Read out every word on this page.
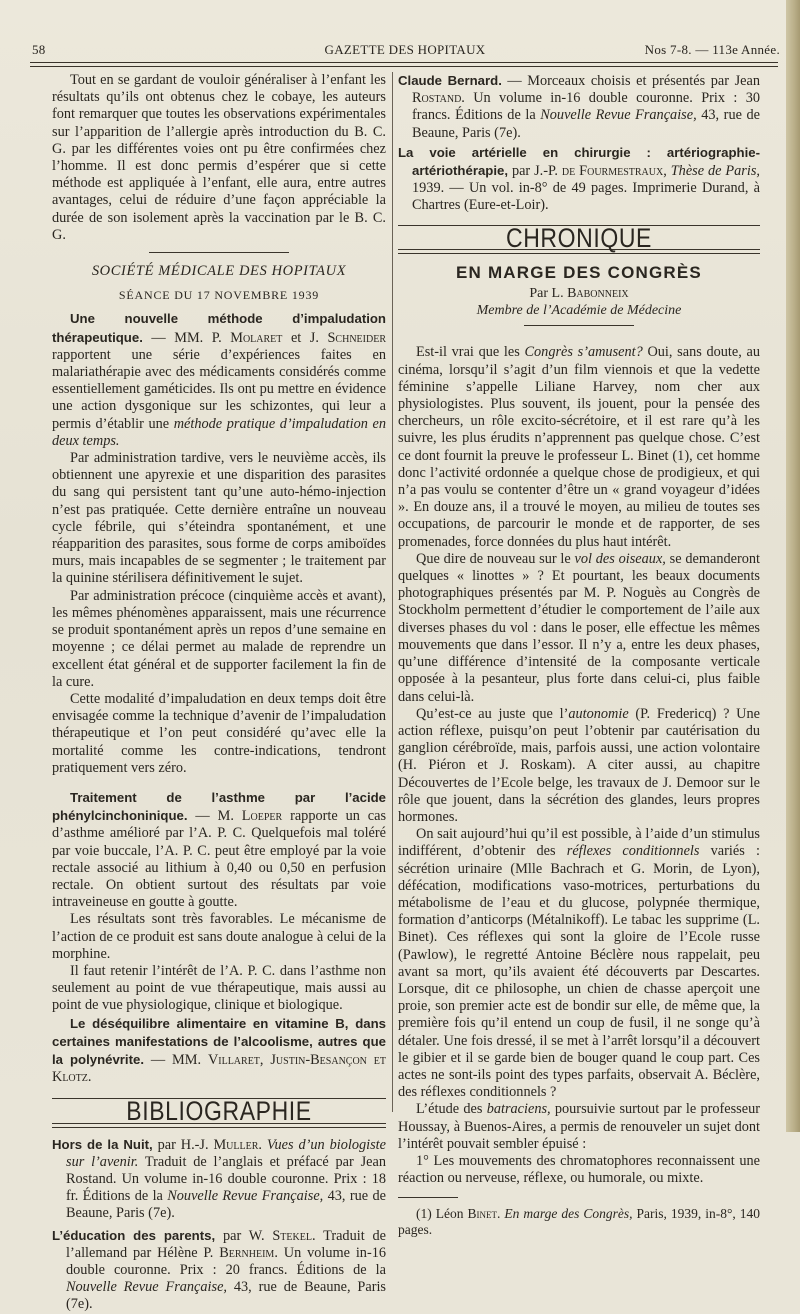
58	GAZETTE DES HOPITAUX	Nos 7-8. — 113e Année.

Tout en se gardant de vouloir généraliser à l’enfant les résultats qu’ils ont obtenus chez le cobaye, les auteurs font remarquer que toutes les observations expérimentales sur l’apparition de l’allergie après introduction du B. C. G. par les différentes voies ont pu être confirmées chez l’homme. Il est donc permis d’espérer que si cette méthode est appliquée à l’enfant, elle aura, entre autres avantages, celui de réduire d’une façon appréciable la durée de son isolement après la vaccination par le B. C. G.

SOCIÉTÉ MÉDICALE DES HOPITAUX
SÉANCE DU 17 NOVEMBRE 1939

Une nouvelle méthode d’impaludation thérapeutique. — MM. P. Molaret et J. Schneider rapportent une série d’expériences faites en malariathérapie avec des médicaments considérés comme essentiellement gaméticides. Ils ont pu mettre en évidence une action dysgonique sur les schizontes, qui leur a permis d’établir une méthode pratique d’impaludation en deux temps.

Par administration tardive, vers le neuvième accès, ils obtiennent une apyrexie et une disparition des parasites du sang qui persistent tant qu’une auto-hémo-injection n’est pas pratiquée. Cette dernière entraîne un nouveau cycle fébrile, qui s’éteindra spontanément, et une réapparition des parasites, sous forme de corps amiboïdes murs, mais incapables de se segmenter ; le traitement par la quinine stérilisera définitivement le sujet.

Par administration précoce (cinquième accès et avant), les mêmes phénomènes apparaissent, mais une récurrence se produit spontanément après un repos d’une semaine en moyenne ; ce délai permet au malade de reprendre un excellent état général et de supporter facilement la fin de la cure.

Cette modalité d’impaludation en deux temps doit être envisagée comme la technique d’avenir de l’impaludation thérapeutique et l’on peut considéré qu’avec elle la mortalité comme les contre-indications, tendront pratiquement vers zéro.

Traitement de l’asthme par l’acide phénylcinchoninique. — M. Loeper rapporte un cas d’asthme amélioré par l’A. P. C. Quelquefois mal toléré par voie buccale, l’A. P. C. peut être employé par la voie rectale associé au lithium à 0,40 ou 0,50 en perfusion rectale. On obtient surtout des résultats par voie intraveineuse en goutte à goutte.

Les résultats sont très favorables. Le mécanisme de l’action de ce produit est sans doute analogue à celui de la morphine.

Il faut retenir l’intérêt de l’A. P. C. dans l’asthme non seulement au point de vue thérapeutique, mais aussi au point de vue physiologique, clinique et biologique.

Le déséquilibre alimentaire en vitamine B, dans certaines manifestations de l’alcoolisme, autres que la polynévrite. — MM. Villaret, Justin-Besançon et Klotz.

BIBLIOGRAPHIE

Hors de la Nuit, par H.-J. Muller. Vues d’un biologiste sur l’avenir. Traduit de l’anglais et préfacé par Jean Rostand. Un volume in-16 double couronne. Prix : 18 fr. Éditions de la Nouvelle Revue Française, 43, rue de Beaune, Paris (7e).

L’éducation des parents, par W. Stekel. Traduit de l’allemand par Hélène P. Bernheim. Un volume in-16 double couronne. Prix : 20 francs. Éditions de la Nouvelle Revue Française, 43, rue de Beaune, Paris (7e).

Claude Bernard. — Morceaux choisis et présentés par Jean Rostand. Un volume in-16 double couronne. Prix : 30 francs. Éditions de la Nouvelle Revue Française, 43, rue de Beaune, Paris (7e).

La voie artérielle en chirurgie : artériographie-artériothérapie, par J.-P. de Fourmestraux, Thèse de Paris, 1939. — Un vol. in-8° de 49 pages. Imprimerie Durand, à Chartres (Eure-et-Loir).

CHRONIQUE
EN MARGE DES CONGRÈS
Par L. Babonneix
Membre de l’Académie de Médecine

Est-il vrai que les Congrès s’amusent? Oui, sans doute, au cinéma, lorsqu’il s’agit d’un film viennois et que la vedette féminine s’appelle Liliane Harvey, nom cher aux physiologistes. Plus souvent, ils jouent, pour la pensée des chercheurs, un rôle excito-sécrétoire, et il est rare qu’à les suivre, les plus érudits n’apprennent pas quelque chose. C’est ce dont fournit la preuve le professeur L. Binet (1), cet homme donc l’activité ordonnée a quelque chose de prodigieux, et qui n’a pas voulu se contenter d’être un « grand voyageur d’idées ». En douze ans, il a trouvé le moyen, au milieu de toutes ses occupations, de parcourir le monde et de rapporter, de ses promenades, force données du plus haut intérêt.

Que dire de nouveau sur le vol des oiseaux, se demanderont quelques « linottes » ? Et pourtant, les beaux documents photographiques présentés par M. P. Noguès au Congrès de Stockholm permettent d’étudier le comportement de l’aile aux diverses phases du vol : dans le poser, elle effectue les mêmes mouvements que dans l’essor. Il n’y a, entre les deux phases, qu’une différence d’intensité de la composante verticale opposée à la pesanteur, plus forte dans celui-ci, plus faible dans celui-là.

Qu’est-ce au juste que l’autonomie (P. Fredericq) ? Une action réflexe, puisqu’on peut l’obtenir par cautérisation du ganglion cérébroïde, mais, parfois aussi, une action volontaire (H. Piéron et J. Roskam). A citer aussi, au chapitre Découvertes de l’Ecole belge, les travaux de J. Demoor sur le rôle que jouent, dans la sécrétion des glandes, leurs propres hormones.

On sait aujourd’hui qu’il est possible, à l’aide d’un stimulus indifférent, d’obtenir des réflexes conditionnels variés : sécrétion urinaire (Mlle Bachrach et G. Morin, de Lyon), défécation, modifications vaso-motrices, perturbations du métabolisme de l’eau et du glucose, polypnée thermique, formation d’anticorps (Métalnikoff). Le tabac les supprime (L. Binet). Ces réflexes qui sont la gloire de l’Ecole russe (Pawlow), le regretté Antoine Béclère nous rappelait, peu avant sa mort, qu’ils avaient été découverts par Descartes. Lorsque, dit ce philosophe, un chien de chasse aperçoit une proie, son premier acte est de bondir sur elle, de même que, la première fois qu’il entend un coup de fusil, il ne songe qu’à détaler. Une fois dressé, il se met à l’arrêt lorsqu’il a découvert le gibier et il se garde bien de bouger quand le coup part. Ces actes ne sont-ils point des types parfaits, observait A. Béclère, des réflexes conditionnels ?

L’étude des batraciens, poursuivie surtout par le professeur Houssay, à Buenos-Aires, a permis de renouveler un sujet dont l’intérêt pouvait sembler épuisé :

1° Les mouvements des chromatophores reconnaissent une réaction ou nerveuse, réflexe, ou humorale, ou mixte.

(1) Léon Binet. En marge des Congrès, Paris, 1939, in-8°, 140 pages.
